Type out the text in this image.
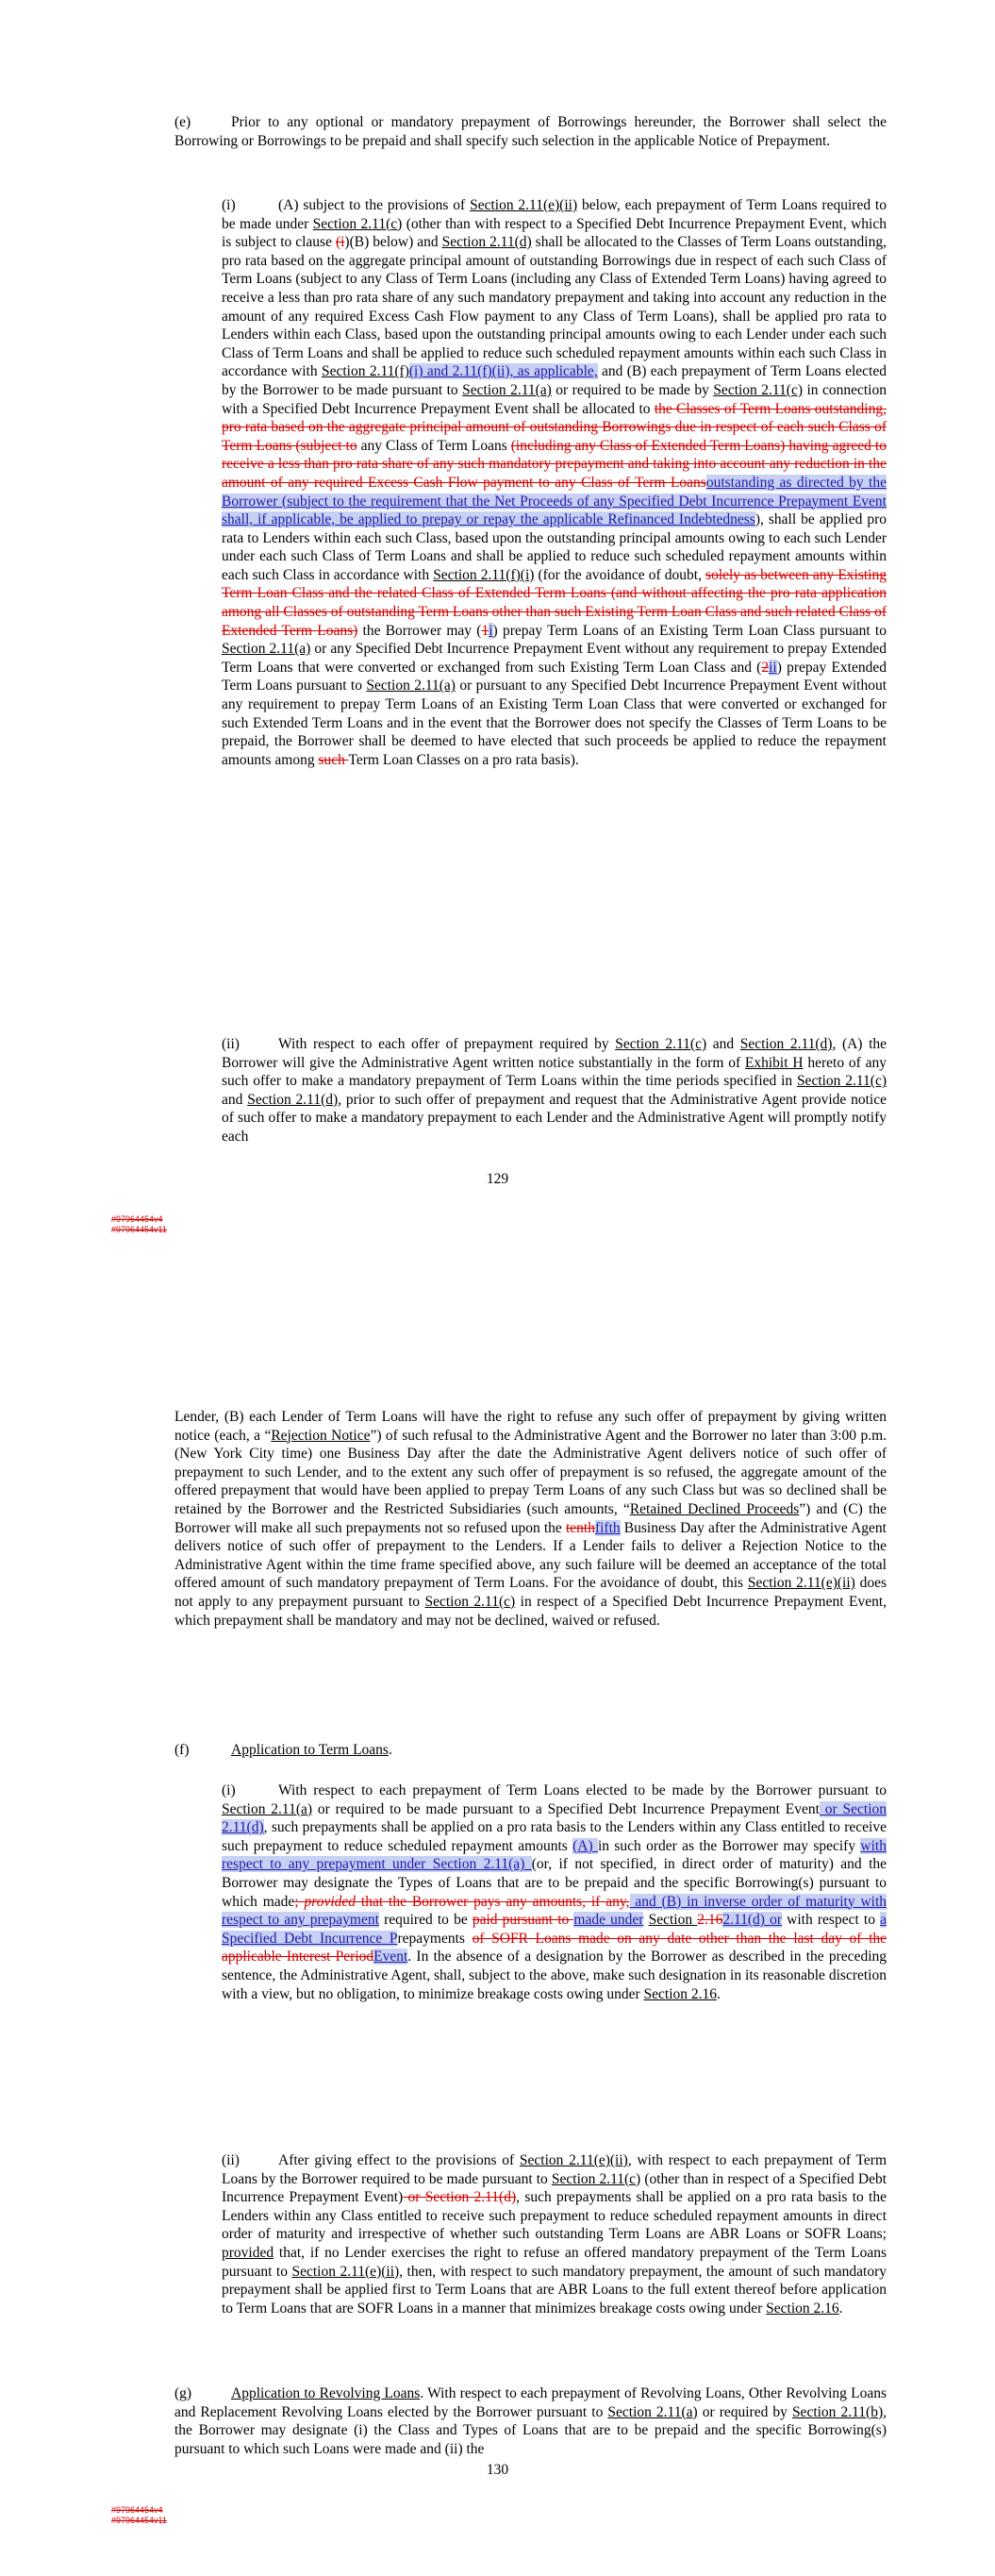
(e)	Prior to any optional or mandatory prepayment of Borrowings hereunder, the Borrower shall select the Borrowing or Borrowings to be prepaid and shall specify such selection in the applicable Notice of Prepayment.

(i)	(A) subject to the provisions of Section 2.11(e)(ii) below, each prepayment of Term Loans required to be made under Section 2.11(c) (other than with respect to a Specified Debt Incurrence Prepayment Event, which is subject to clause (i)(B) below) and Section 2.11(d) shall be allocated to the Classes of Term Loans outstanding, pro rata based on the aggregate principal amount of outstanding Borrowings due in respect of each such Class of Term Loans (subject to any Class of Term Loans (including any Class of Extended Term Loans) having agreed to receive a less than pro rata share of any such mandatory prepayment and taking into account any reduction in the amount of any required Excess Cash Flow payment to any Class of Term Loans), shall be applied pro rata to Lenders within each Class, based upon the outstanding principal amounts owing to each Lender under each such Class of Term Loans and shall be applied to reduce such scheduled repayment amounts within each such Class in accordance with Section 2.11(f)(i) and 2.11(f)(ii), as applicable, and (B) each prepayment of Term Loans elected by the Borrower to be made pursuant to Section 2.11(a) or required to be made by Section 2.11(c) in connection with a Specified Debt Incurrence Prepayment Event shall be allocated to the Classes of Term Loans outstanding, pro rata based on the aggregate principal amount of outstanding Borrowings due in respect of each such Class of Term Loans (subject to any Class of Term Loans (including any Class of Extended Term Loans) having agreed to receive a less than pro rata share of any such mandatory prepayment and taking into account any reduction in the amount of any required Excess Cash Flow payment to any Class of Term Loansoutstanding as directed by the Borrower (subject to the requirement that the Net Proceeds of any Specified Debt Incurrence Prepayment Event shall, if applicable, be applied to prepay or repay the applicable Refinanced Indebtedness), shall be applied pro rata to Lenders within each such Class, based upon the outstanding principal amounts owing to each such Lender under each such Class of Term Loans and shall be applied to reduce such scheduled repayment amounts within each such Class in accordance with Section 2.11(f)(i) (for the avoidance of doubt, solely as between any Existing Term Loan Class and the related Class of Extended Term Loans (and without affecting the pro rata application among all Classes of outstanding Term Loans other than such Existing Term Loan Class and such related Class of Extended Term Loans) the Borrower may (1i) prepay Term Loans of an Existing Term Loan Class pursuant to Section 2.11(a) or any Specified Debt Incurrence Prepayment Event without any requirement to prepay Extended Term Loans that were converted or exchanged from such Existing Term Loan Class and (2ii) prepay Extended Term Loans pursuant to Section 2.11(a) or pursuant to any Specified Debt Incurrence Prepayment Event without any requirement to prepay Term Loans of an Existing Term Loan Class that were converted or exchanged for such Extended Term Loans and in the event that the Borrower does not specify the Classes of Term Loans to be prepaid, the Borrower shall be deemed to have elected that such proceeds be applied to reduce the repayment amounts among such Term Loan Classes on a pro rata basis).

(ii)	With respect to each offer of prepayment required by Section 2.11(c) and Section 2.11(d), (A) the Borrower will give the Administrative Agent written notice substantially in the form of Exhibit H hereto of any such offer to make a mandatory prepayment of Term Loans within the time periods specified in Section 2.11(c) and Section 2.11(d), prior to such offer of prepayment and request that the Administrative Agent provide notice of such offer to make a mandatory prepayment to each Lender and the Administrative Agent will promptly notify each

129
#97964454v4
#97964454v11

Lender, (B) each Lender of Term Loans will have the right to refuse any such offer of prepayment by giving written notice (each, a “Rejection Notice”) of such refusal to the Administrative Agent and the Borrower no later than 3:00 p.m. (New York City time) one Business Day after the date the Administrative Agent delivers notice of such offer of prepayment to such Lender, and to the extent any such offer of prepayment is so refused, the aggregate amount of the offered prepayment that would have been applied to prepay Term Loans of any such Class but was so declined shall be retained by the Borrower and the Restricted Subsidiaries (such amounts, “Retained Declined Proceeds”) and (C) the Borrower will make all such prepayments not so refused upon the tenthfifth Business Day after the Administrative Agent delivers notice of such offer of prepayment to the Lenders. If a Lender fails to deliver a Rejection Notice to the Administrative Agent within the time frame specified above, any such failure will be deemed an acceptance of the total offered amount of such mandatory prepayment of Term Loans. For the avoidance of doubt, this Section 2.11(e)(ii) does not apply to any prepayment pursuant to Section 2.11(c) in respect of a Specified Debt Incurrence Prepayment Event, which prepayment shall be mandatory and may not be declined, waived or refused.

(f)	Application to Term Loans.

(i)	With respect to each prepayment of Term Loans elected to be made by the Borrower pursuant to Section 2.11(a) or required to be made pursuant to a Specified Debt Incurrence Prepayment Event or Section 2.11(d), such prepayments shall be applied on a pro rata basis to the Lenders within any Class entitled to receive such prepayment to reduce scheduled repayment amounts (A) in such order as the Borrower may specify with respect to any prepayment under Section 2.11(a) (or, if not specified, in direct order of maturity) and the Borrower may designate the Types of Loans that are to be prepaid and the specific Borrowing(s) pursuant to which made; provided that the Borrower pays any amounts, if any, and (B) in inverse order of maturity with respect to any prepayment required to be paid pursuant to made under Section 2.162.11(d) or with respect to a Specified Debt Incurrence Prepayments of SOFR Loans made on any date other than the last day of the applicable Interest PeriodEvent. In the absence of a designation by the Borrower as described in the preceding sentence, the Administrative Agent, shall, subject to the above, make such designation in its reasonable discretion with a view, but no obligation, to minimize breakage costs owing under Section 2.16.

(ii)	After giving effect to the provisions of Section 2.11(e)(ii), with respect to each prepayment of Term Loans by the Borrower required to be made pursuant to Section 2.11(c) (other than in respect of a Specified Debt Incurrence Prepayment Event) or Section 2.11(d), such prepayments shall be applied on a pro rata basis to the Lenders within any Class entitled to receive such prepayment to reduce scheduled repayment amounts in direct order of maturity and irrespective of whether such outstanding Term Loans are ABR Loans or SOFR Loans; provided that, if no Lender exercises the right to refuse an offered mandatory prepayment of the Term Loans pursuant to Section 2.11(e)(ii), then, with respect to such mandatory prepayment, the amount of such mandatory prepayment shall be applied first to Term Loans that are ABR Loans to the full extent thereof before application to Term Loans that are SOFR Loans in a manner that minimizes breakage costs owing under Section 2.16.

(g)	Application to Revolving Loans. With respect to each prepayment of Revolving Loans, Other Revolving Loans and Replacement Revolving Loans elected by the Borrower pursuant to Section 2.11(a) or required by Section 2.11(b), the Borrower may designate (i) the Class and Types of Loans that are to be prepaid and the specific Borrowing(s) pursuant to which such Loans were made and (ii) the

130
#97964454v4
#97964454v11
